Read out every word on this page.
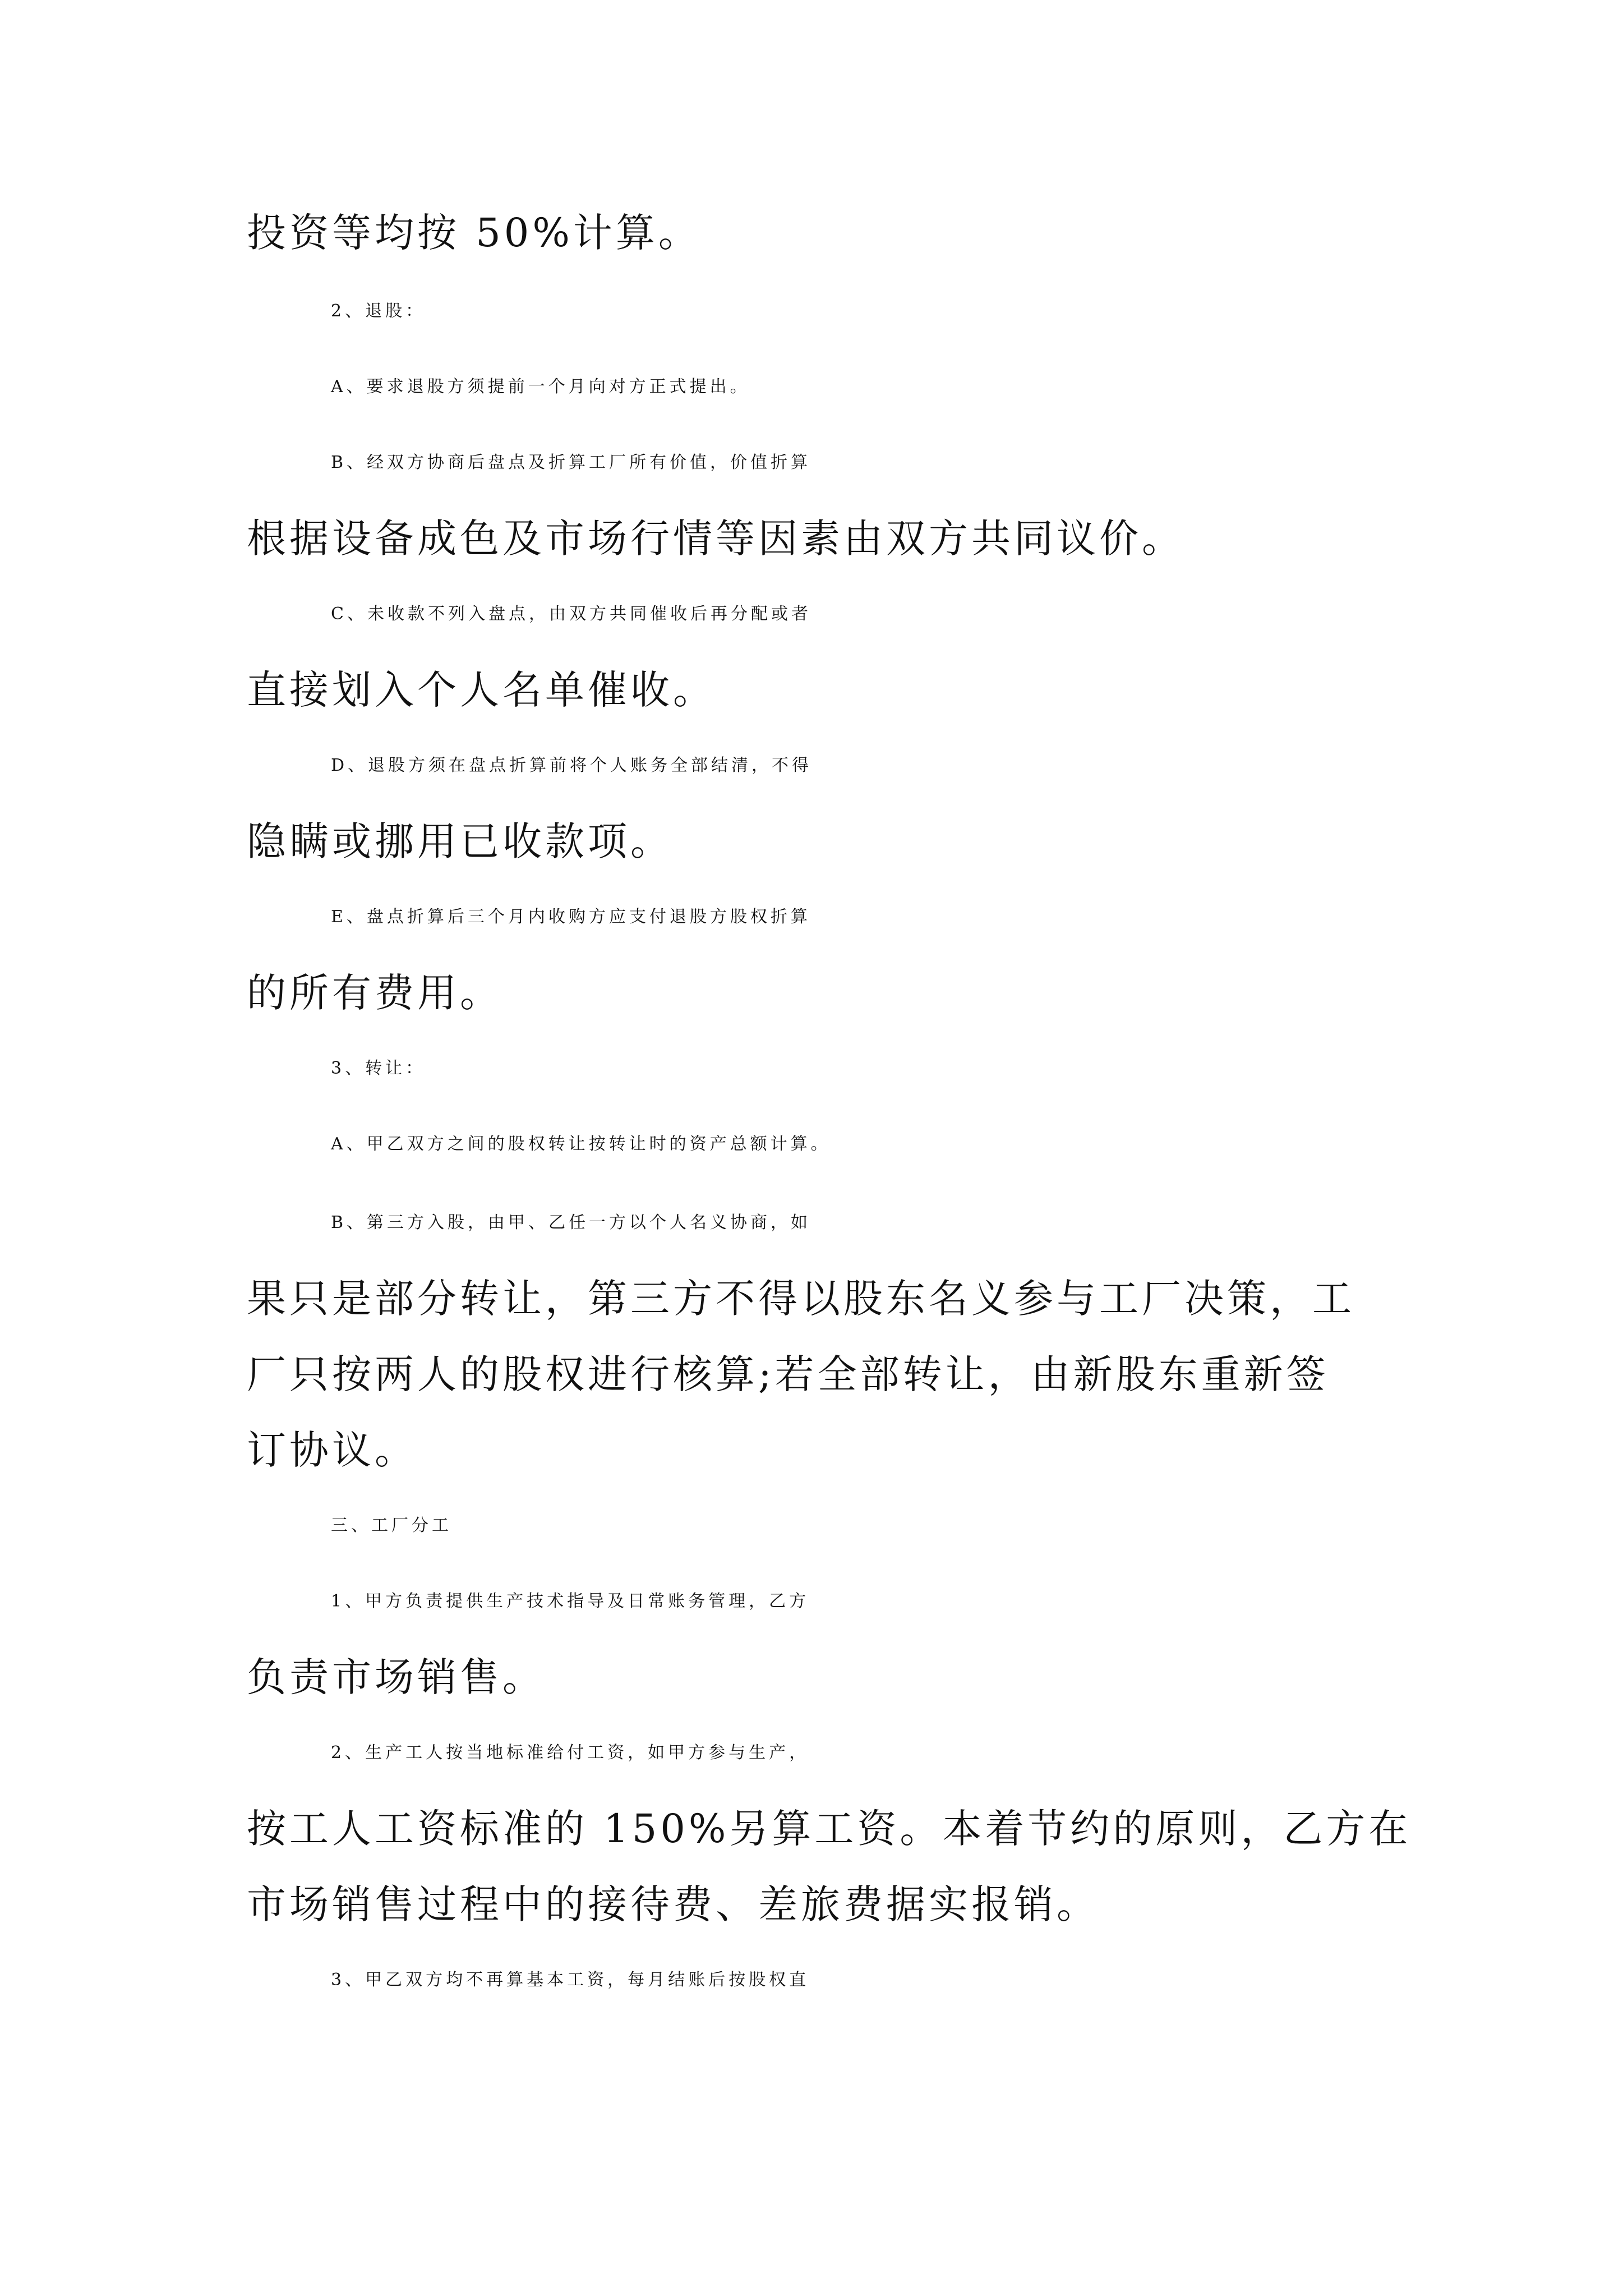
投资等均按 50%计算。
2、退股：
A、要求退股方须提前一个月向对方正式提出。
B、经双方协商后盘点及折算工厂所有价值，价值折算
根据设备成色及市场行情等因素由双方共同议价。
C、未收款不列入盘点，由双方共同催收后再分配或者
直接划入个人名单催收。
D、退股方须在盘点折算前将个人账务全部结清，不得
隐瞒或挪用已收款项。
E、盘点折算后三个月内收购方应支付退股方股权折算
的所有费用。
3、转让：
A、甲乙双方之间的股权转让按转让时的资产总额计算。
B、第三方入股，由甲、乙任一方以个人名义协商，如
果只是部分转让，第三方不得以股东名义参与工厂决策，工
厂只按两人的股权进行核算;若全部转让，由新股东重新签
订协议。
三、工厂分工
1、甲方负责提供生产技术指导及日常账务管理，乙方
负责市场销售。
2、生产工人按当地标准给付工资，如甲方参与生产，
按工人工资标准的 150%另算工资。本着节约的原则，乙方在
市场销售过程中的接待费、差旅费据实报销。
3、甲乙双方均不再算基本工资，每月结账后按股权直
